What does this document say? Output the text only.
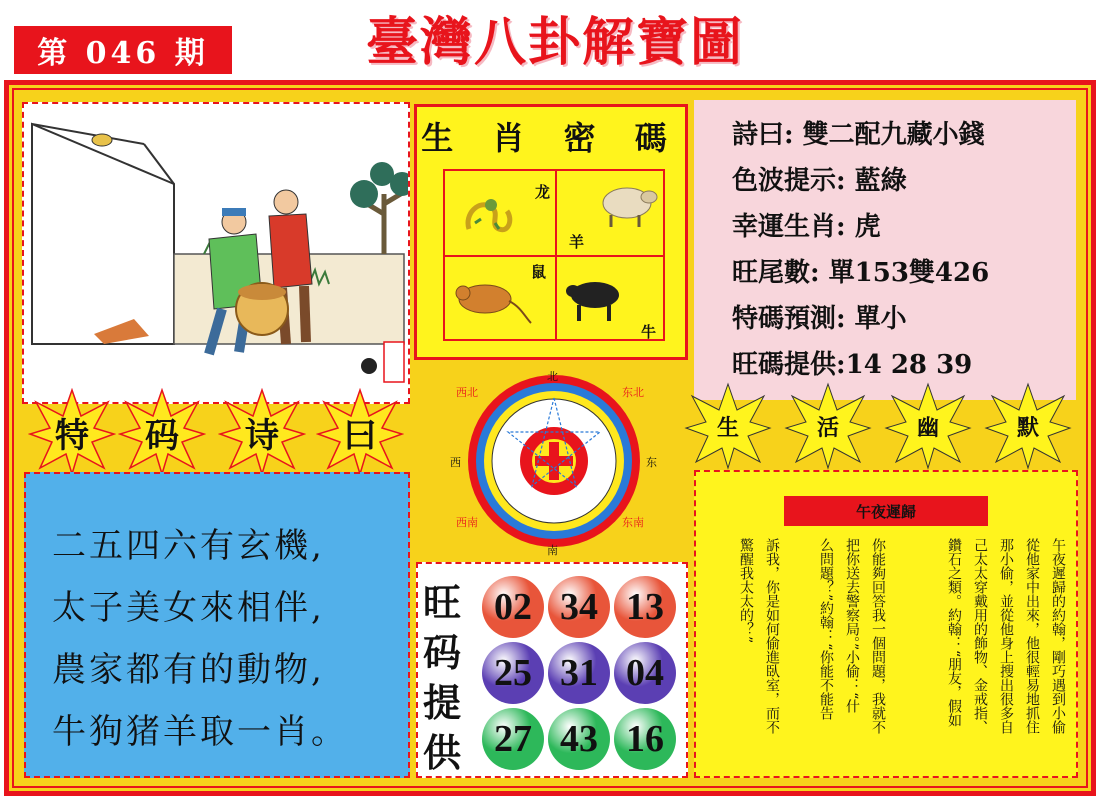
第 046 期	臺灣八卦解寶圖
生 肖 密 碼
龙
羊
鼠
牛
詩曰: 雙二配九藏小錢
色波提示: 藍綠
幸運生肖: 虎
旺尾數: 單153雙426
特碼預測: 單小
旺碼提供:14 28 39
特	码	诗	曰	生	活	幽	默
西北	东北
西南	东南
北
西	东
南
二五四六有玄機,
太子美女來相伴,
農家都有的動物,
牛狗猪羊取一肖。
旺码提供
02 34 13
25 31 04
27 43 16
午夜遲歸
午夜遲歸的約翰，剛巧遇到小偷
從他家中出來，他很輕易地抓住
那小偷，並從他身上搜出很多自
己太太穿戴用的飾物、金戒指、
鑽石之類。約翰：“朋友，假如
你能夠回答我一個問題，我就不
把你送去警察局。”小偷：“什
么問題？”約翰：“你能不能告
訴我，你是如何偷進臥室，而不
驚醒我太太的？”
